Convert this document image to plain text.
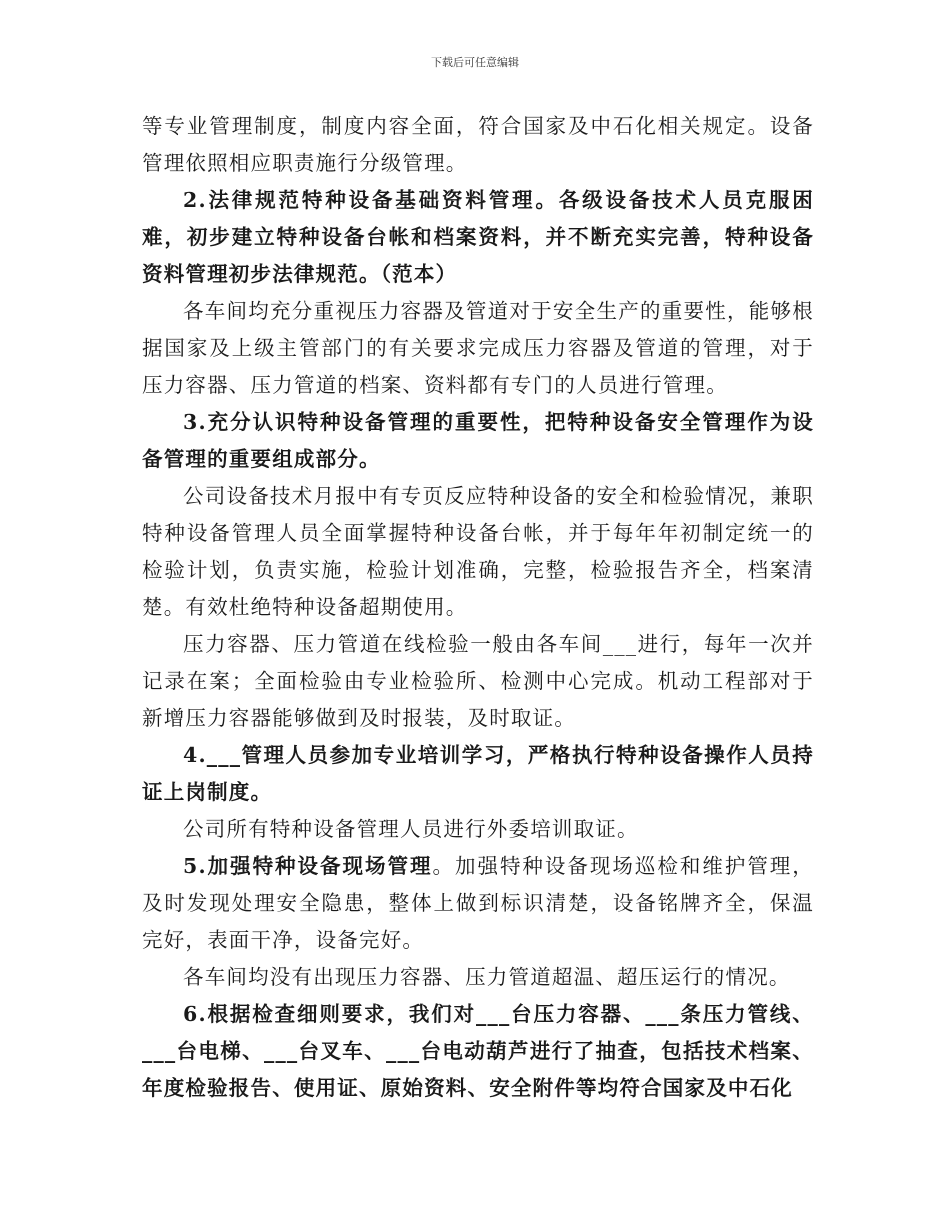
下载后可任意编辑

等专业管理制度，制度内容全面，符合国家及中石化相关规定。设备管理依照相应职责施行分级管理。

2.法律规范特种设备基础资料管理。各级设备技术人员克服困难，初步建立特种设备台帐和档案资料，并不断充实完善，特种设备资料管理初步法律规范。（范本）

各车间均充分重视压力容器及管道对于安全生产的重要性，能够根据国家及上级主管部门的有关要求完成压力容器及管道的管理，对于压力容器、压力管道的档案、资料都有专门的人员进行管理。

3.充分认识特种设备管理的重要性，把特种设备安全管理作为设备管理的重要组成部分。

公司设备技术月报中有专页反应特种设备的安全和检验情况，兼职特种设备管理人员全面掌握特种设备台帐，并于每年年初制定统一的检验计划，负责实施，检验计划准确，完整，检验报告齐全，档案清楚。有效杜绝特种设备超期使用。

压力容器、压力管道在线检验一般由各车间___进行，每年一次并记录在案；全面检验由专业检验所、检测中心完成。机动工程部对于新增压力容器能够做到及时报装，及时取证。

4.___管理人员参加专业培训学习，严格执行特种设备操作人员持证上岗制度。

公司所有特种设备管理人员进行外委培训取证。

5.加强特种设备现场管理。加强特种设备现场巡检和维护管理，及时发现处理安全隐患，整体上做到标识清楚，设备铭牌齐全，保温完好，表面干净，设备完好。

各车间均没有出现压力容器、压力管道超温、超压运行的情况。

6.根据检查细则要求，我们对___台压力容器、___条压力管线、___台电梯、___台叉车、___台电动葫芦进行了抽查，包括技术档案、年度检验报告、使用证、原始资料、安全附件等均符合国家及中石化
